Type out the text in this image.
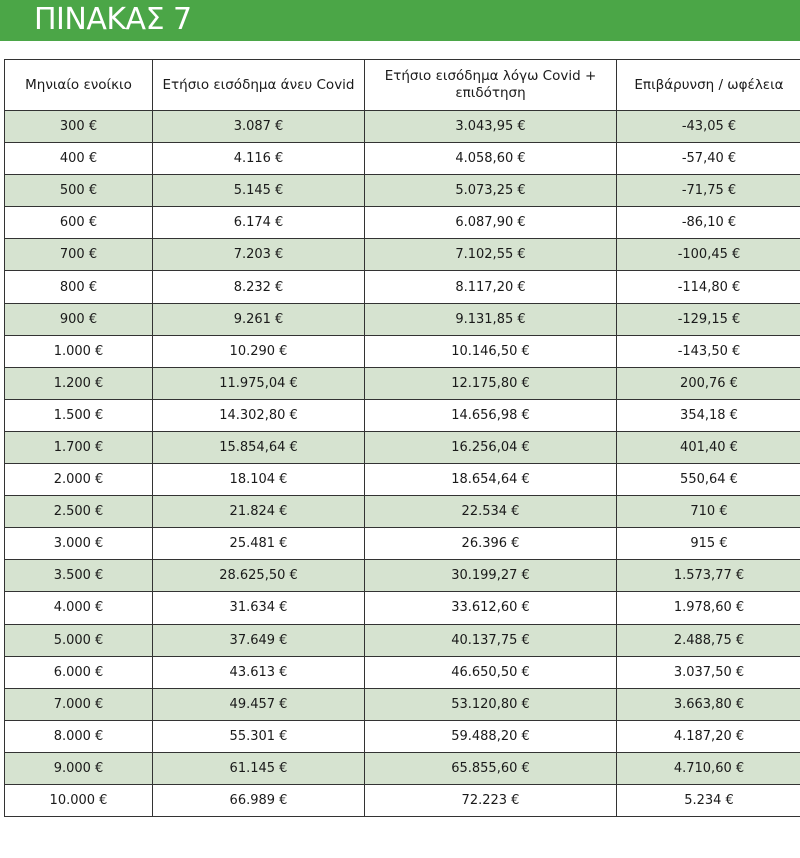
ΠΙΝΑΚΑΣ 7
Μηνιαίο ενοίκιο	Ετήσιο εισόδημα άνευ Covid	Ετήσιο εισόδημα λόγω Covid + επιδότηση	Επιβάρυνση / ωφέλεια
300 €	3.087 €	3.043,95 €	-43,05 €
400 €	4.116 €	4.058,60 €	-57,40 €
500 €	5.145 €	5.073,25 €	-71,75 €
600 €	6.174 €	6.087,90 €	-86,10 €
700 €	7.203 €	7.102,55 €	-100,45 €
800 €	8.232 €	8.117,20 €	-114,80 €
900 €	9.261 €	9.131,85 €	-129,15 €
1.000 €	10.290 €	10.146,50 €	-143,50 €
1.200 €	11.975,04 €	12.175,80 €	200,76 €
1.500 €	14.302,80 €	14.656,98 €	354,18 €
1.700 €	15.854,64 €	16.256,04 €	401,40 €
2.000 €	18.104 €	18.654,64 €	550,64 €
2.500 €	21.824 €	22.534 €	710 €
3.000 €	25.481 €	26.396 €	915 €
3.500 €	28.625,50 €	30.199,27 €	1.573,77 €
4.000 €	31.634 €	33.612,60 €	1.978,60 €
5.000 €	37.649 €	40.137,75 €	2.488,75 €
6.000 €	43.613 €	46.650,50 €	3.037,50 €
7.000 €	49.457 €	53.120,80 €	3.663,80 €
8.000 €	55.301 €	59.488,20 €	4.187,20 €
9.000 €	61.145 €	65.855,60 €	4.710,60 €
10.000 €	66.989 €	72.223 €	5.234 €
